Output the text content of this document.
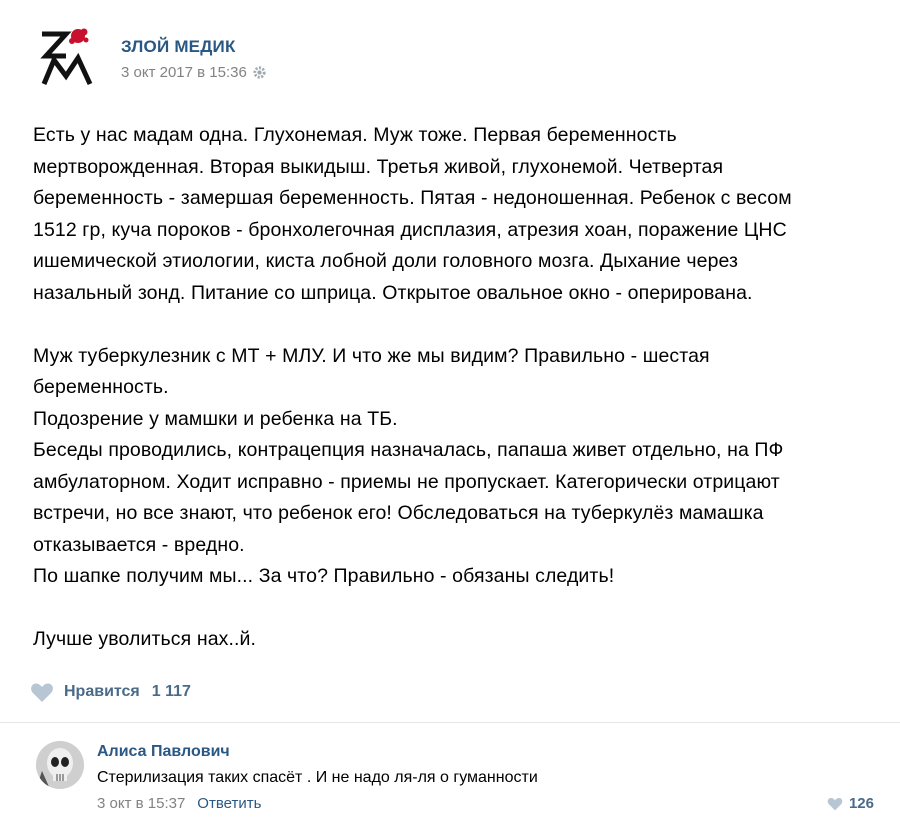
ЗЛОЙ МЕДИК
3 окт 2017 в 15:36

Есть у нас мадам одна. Глухонемая. Муж тоже. Первая беременность
мертворожденная. Вторая выкидыш. Третья живой, глухонемой. Четвертая
беременность - замершая беременность. Пятая - недоношенная. Ребенок с весом
1512 гр, куча пороков - бронхолегочная дисплазия, атрезия хоан, поражение ЦНС
ишемической этиологии, киста лобной доли головного мозга. Дыхание через
назальный зонд. Питание со шприца. Открытое овальное окно - оперирована.

Муж туберкулезник с МТ + МЛУ. И что же мы видим? Правильно - шестая
беременность.
Подозрение у мамшки и ребенка на ТБ.
Беседы проводились, контрацепция назначалась, папаша живет отдельно, на ПФ
амбулаторном. Ходит исправно - приемы не пропускает. Категорически отрицают
встречи, но все знают, что ребенок его! Обследоваться на туберкулёз мамашка
отказывается - вредно.
По шапке получим мы... За что? Правильно - обязаны следить!

Лучше уволиться нах..й.

Нравится 1 117
Алиса Павлович
Стерилизация таких спасёт . И не надо ля-ля о гуманности
3 окт в 15:37 Ответить	126
